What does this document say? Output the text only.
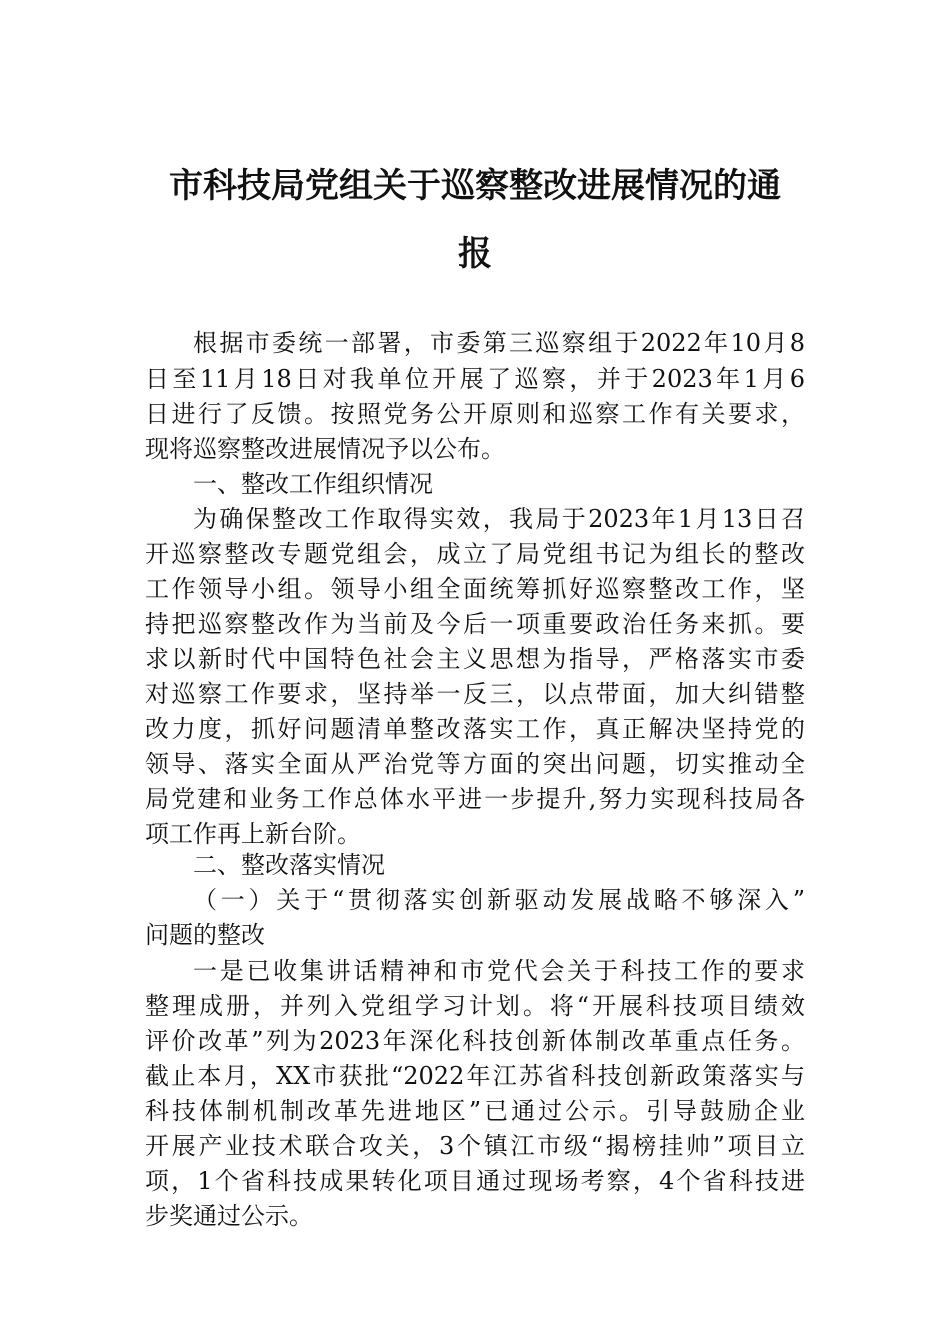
市科技局党组关于巡察整改进展情况的通
报

根据市委统一部署，市委第三巡察组于2022年10月8

日至11月18日对我单位开展了巡察，并于2023年1月6

日进行了反馈。按照党务公开原则和巡察工作有关要求，

现将巡察整改进展情况予以公布。

一、整改工作组织情况

为确保整改工作取得实效，我局于2023年1月13日召

开巡察整改专题党组会，成立了局党组书记为组长的整改

工作领导小组。领导小组全面统筹抓好巡察整改工作，坚

持把巡察整改作为当前及今后一项重要政治任务来抓。要

求以新时代中国特色社会主义思想为指导，严格落实市委

对巡察工作要求，坚持举一反三，以点带面，加大纠错整

改力度，抓好问题清单整改落实工作，真正解决坚持党的

领导、落实全面从严治党等方面的突出问题，切实推动全

局党建和业务工作总体水平进一步提升,努力实现科技局各

项工作再上新台阶。

二、整改落实情况

（一）关于“贯彻落实创新驱动发展战略不够深入”

问题的整改

一是已收集讲话精神和市党代会关于科技工作的要求

整理成册，并列入党组学习计划。将“开展科技项目绩效

评价改革”列为2023年深化科技创新体制改革重点任务。

截止本月，XX市获批“2022年江苏省科技创新政策落实与

科技体制机制改革先进地区”已通过公示。引导鼓励企业

开展产业技术联合攻关，3个镇江市级“揭榜挂帅”项目立

项，1个省科技成果转化项目通过现场考察，4个省科技进

步奖通过公示。
